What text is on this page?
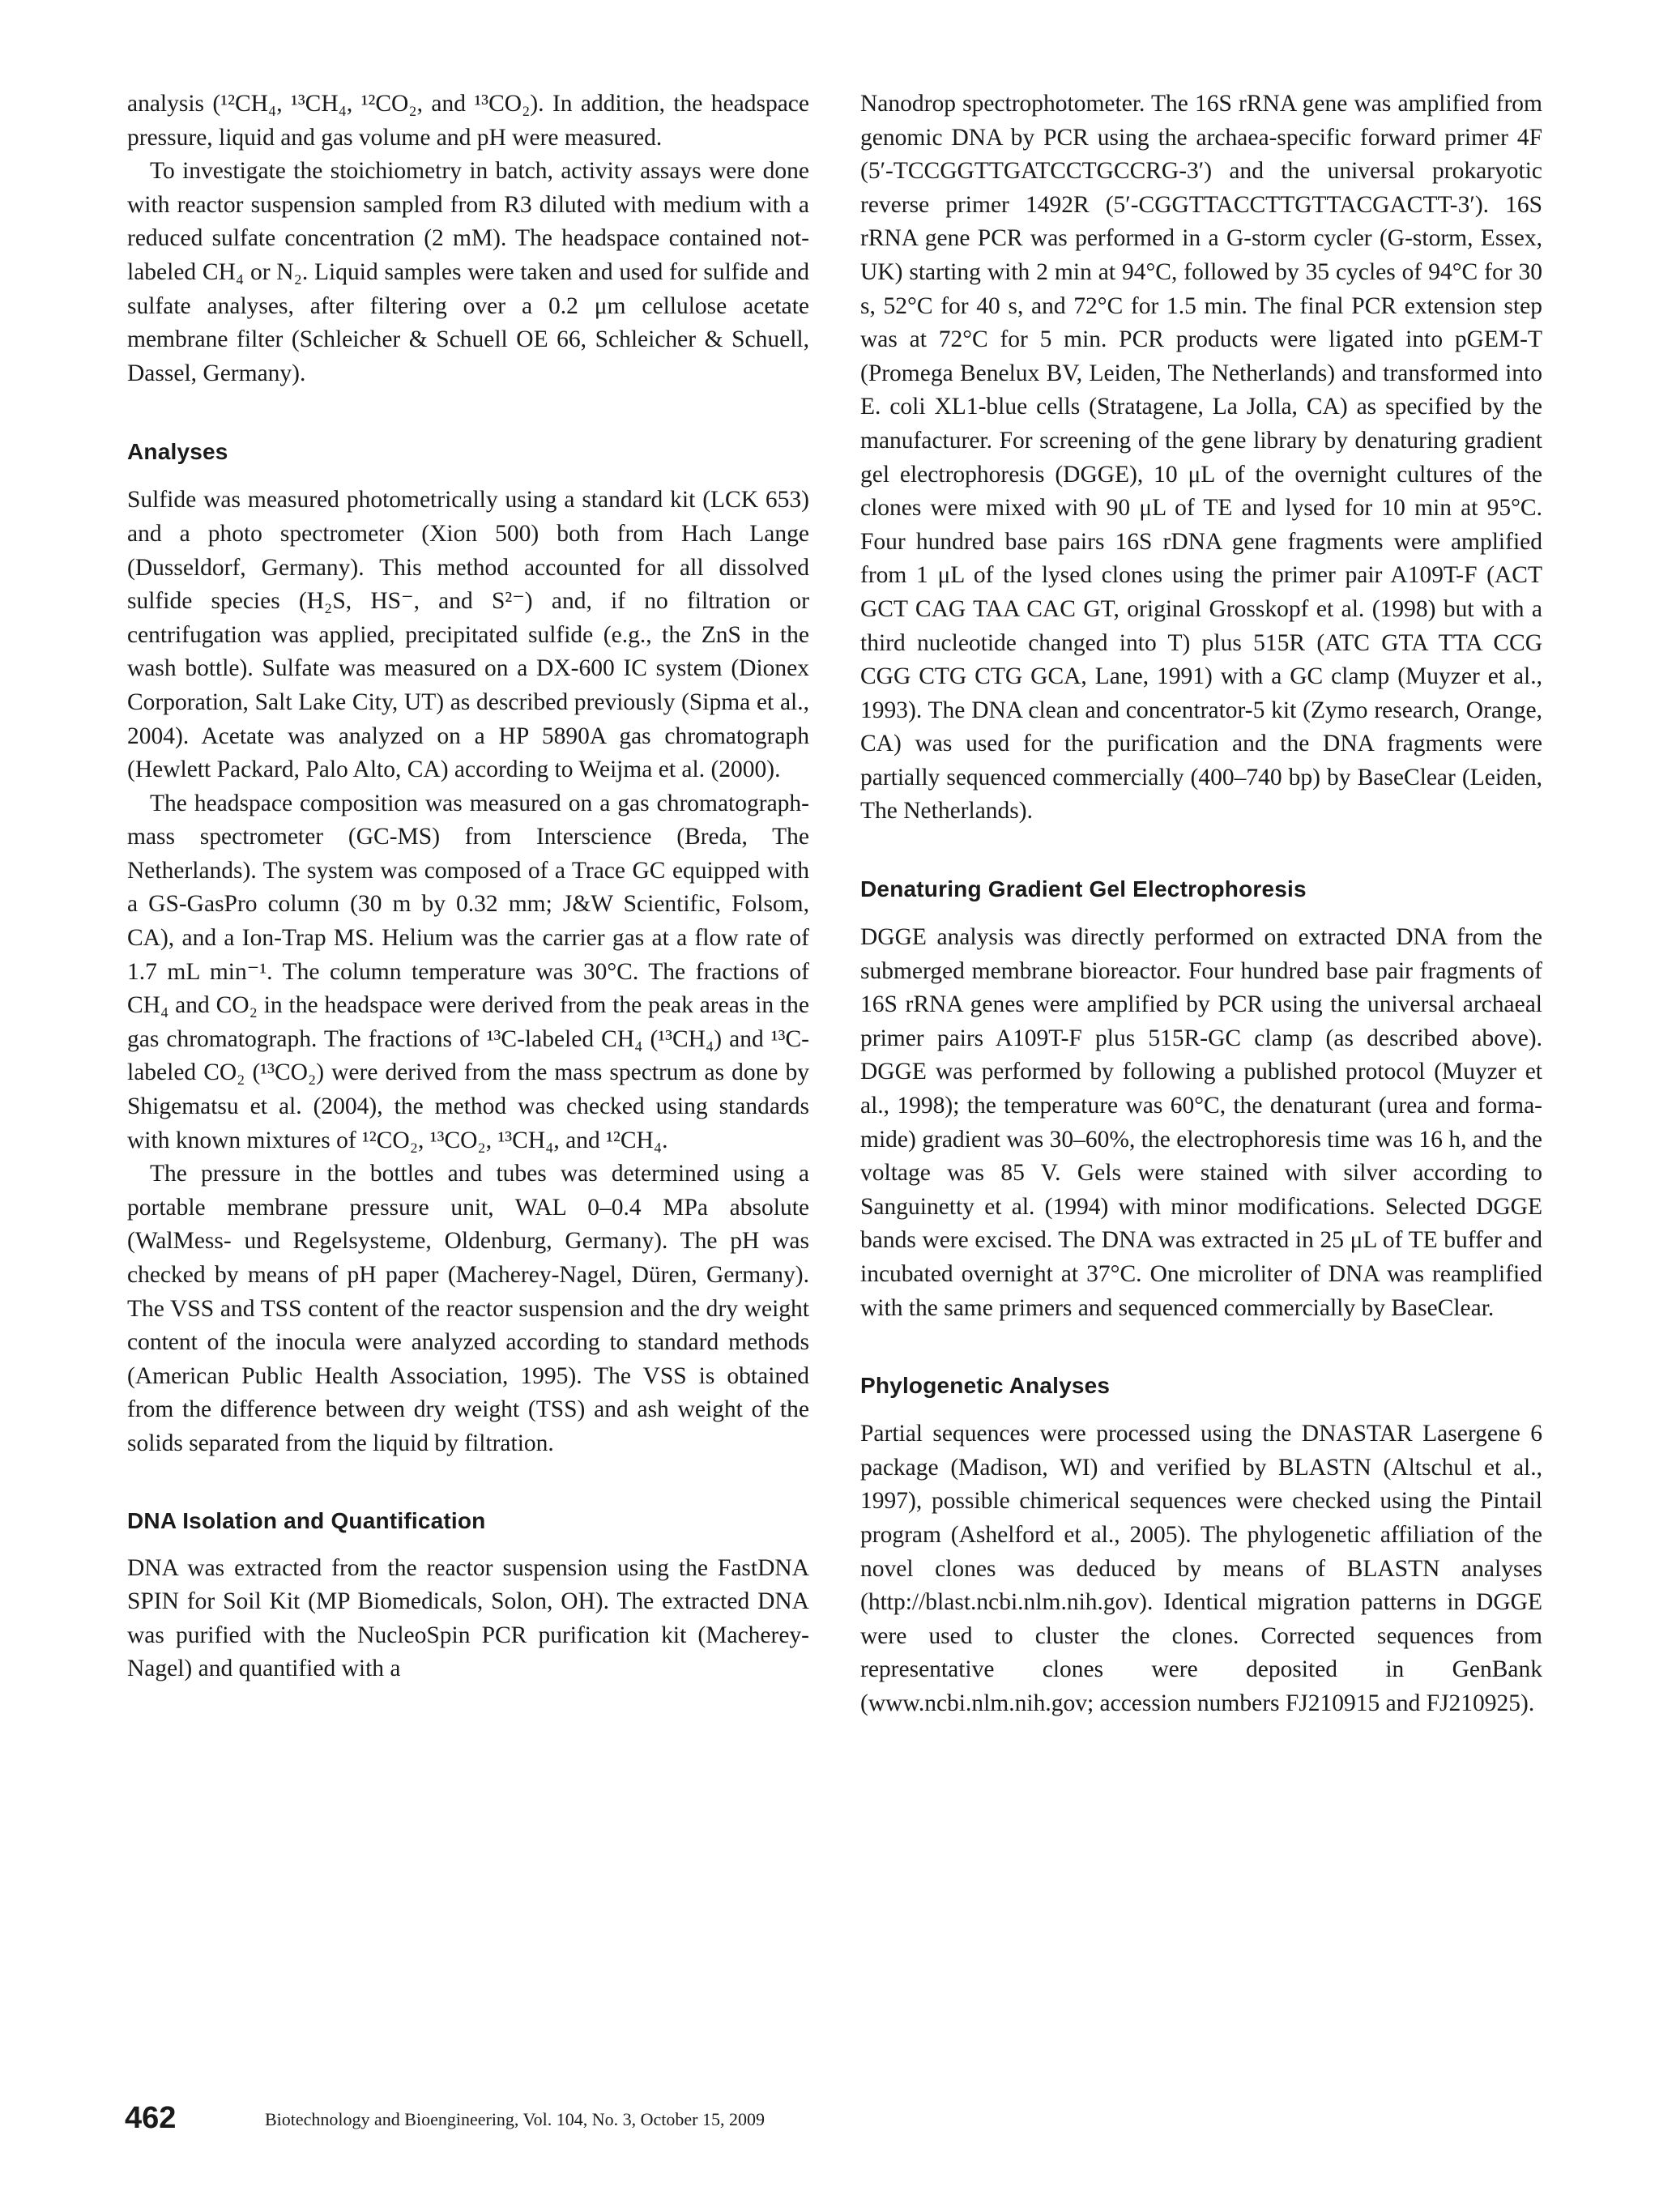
analysis (¹²CH₄, ¹³CH₄, ¹²CO₂, and ¹³CO₂). In addition, the headspace pressure, liquid and gas volume and pH were measured.

To investigate the stoichiometry in batch, activity assays were done with reactor suspension sampled from R3 diluted with medium with a reduced sulfate concentration (2 mM). The headspace contained not-labeled CH₄ or N₂. Liquid samples were taken and used for sulfide and sulfate analyses, after filtering over a 0.2 μm cellulose acetate membrane filter (Schleicher & Schuell OE 66, Schleicher & Schuell, Dassel, Germany).

Analyses

Sulfide was measured photometrically using a standard kit (LCK 653) and a photo spectrometer (Xion 500) both from Hach Lange (Dusseldorf, Germany). This method accounted for all dissolved sulfide species (H₂S, HS⁻, and S²⁻) and, if no filtration or centrifugation was applied, precipitated sulfide (e.g., the ZnS in the wash bottle). Sulfate was measured on a DX-600 IC system (Dionex Corporation, Salt Lake City, UT) as described previously (Sipma et al., 2004). Acetate was analyzed on a HP 5890A gas chromatograph (Hewlett Packard, Palo Alto, CA) according to Weijma et al. (2000).

The headspace composition was measured on a gas chromatograph-mass spectrometer (GC-MS) from Interscience (Breda, The Netherlands). The system was composed of a Trace GC equipped with a GS-GasPro column (30 m by 0.32 mm; J&W Scientific, Folsom, CA), and a Ion-Trap MS. Helium was the carrier gas at a flow rate of 1.7 mL min⁻¹. The column temperature was 30°C. The fractions of CH₄ and CO₂ in the headspace were derived from the peak areas in the gas chromatograph. The fractions of ¹³C-labeled CH₄ (¹³CH₄) and ¹³C-labeled CO₂ (¹³CO₂) were derived from the mass spectrum as done by Shigematsu et al. (2004), the method was checked using standards with known mixtures of ¹²CO₂, ¹³CO₂, ¹³CH₄, and ¹²CH₄.

The pressure in the bottles and tubes was determined using a portable membrane pressure unit, WAL 0–0.4 MPa absolute (WalMess- und Regelsysteme, Oldenburg, Germany). The pH was checked by means of pH paper (Macherey-Nagel, Düren, Germany). The VSS and TSS content of the reactor suspension and the dry weight content of the inocula were analyzed according to standard methods (American Public Health Association, 1995). The VSS is obtained from the difference between dry weight (TSS) and ash weight of the solids separated from the liquid by filtration.

DNA Isolation and Quantification

DNA was extracted from the reactor suspension using the FastDNA SPIN for Soil Kit (MP Biomedicals, Solon, OH). The extracted DNA was purified with the NucleoSpin PCR purification kit (Macherey-Nagel) and quantified with a

Nanodrop spectrophotometer. The 16S rRNA gene was amplified from genomic DNA by PCR using the archaea-specific forward primer 4F (5′-TCCGGTTGATCCTGCCRG-3′) and the universal prokaryotic reverse primer 1492R (5′-CGGTTACCTTGTTACGACTT-3′). 16S rRNA gene PCR was performed in a G-storm cycler (G-storm, Essex, UK) starting with 2 min at 94°C, followed by 35 cycles of 94°C for 30 s, 52°C for 40 s, and 72°C for 1.5 min. The final PCR extension step was at 72°C for 5 min. PCR products were ligated into pGEM-T (Promega Benelux BV, Leiden, The Netherlands) and transformed into E. coli XL1-blue cells (Stratagene, La Jolla, CA) as specified by the manufacturer. For screening of the gene library by denaturing gradient gel electrophoresis (DGGE), 10 μL of the overnight cultures of the clones were mixed with 90 μL of TE and lysed for 10 min at 95°C. Four hundred base pairs 16S rDNA gene fragments were amplified from 1 μL of the lysed clones using the primer pair A109T-F (ACT GCT CAG TAA CAC GT, original Grosskopf et al. (1998) but with a third nucleotide changed into T) plus 515R (ATC GTA TTA CCG CGG CTG CTG GCA, Lane, 1991) with a GC clamp (Muyzer et al., 1993). The DNA clean and concentrator-5 kit (Zymo research, Orange, CA) was used for the purification and the DNA fragments were partially sequenced commercially (400–740 bp) by BaseClear (Leiden, The Netherlands).

Denaturing Gradient Gel Electrophoresis

DGGE analysis was directly performed on extracted DNA from the submerged membrane bioreactor. Four hundred base pair fragments of 16S rRNA genes were amplified by PCR using the universal archaeal primer pairs A109T-F plus 515R-GC clamp (as described above). DGGE was performed by following a published protocol (Muyzer et al., 1998); the temperature was 60°C, the denaturant (urea and formamide) gradient was 30–60%, the electrophoresis time was 16 h, and the voltage was 85 V. Gels were stained with silver according to Sanguinetty et al. (1994) with minor modifications. Selected DGGE bands were excised. The DNA was extracted in 25 μL of TE buffer and incubated overnight at 37°C. One microliter of DNA was reamplified with the same primers and sequenced commercially by BaseClear.

Phylogenetic Analyses

Partial sequences were processed using the DNASTAR Lasergene 6 package (Madison, WI) and verified by BLASTN (Altschul et al., 1997), possible chimerical sequences were checked using the Pintail program (Ashelford et al., 2005). The phylogenetic affiliation of the novel clones was deduced by means of BLASTN analyses (http://blast.ncbi.nlm.nih.​gov). Identical migration patterns in DGGE were used to cluster the clones. Corrected sequences from representative clones were deposited in GenBank (www.ncbi.nlm.nih.gov; accession numbers FJ210915 and FJ210925).

462	Biotechnology and Bioengineering, Vol. 104, No. 3, October 15, 2009
